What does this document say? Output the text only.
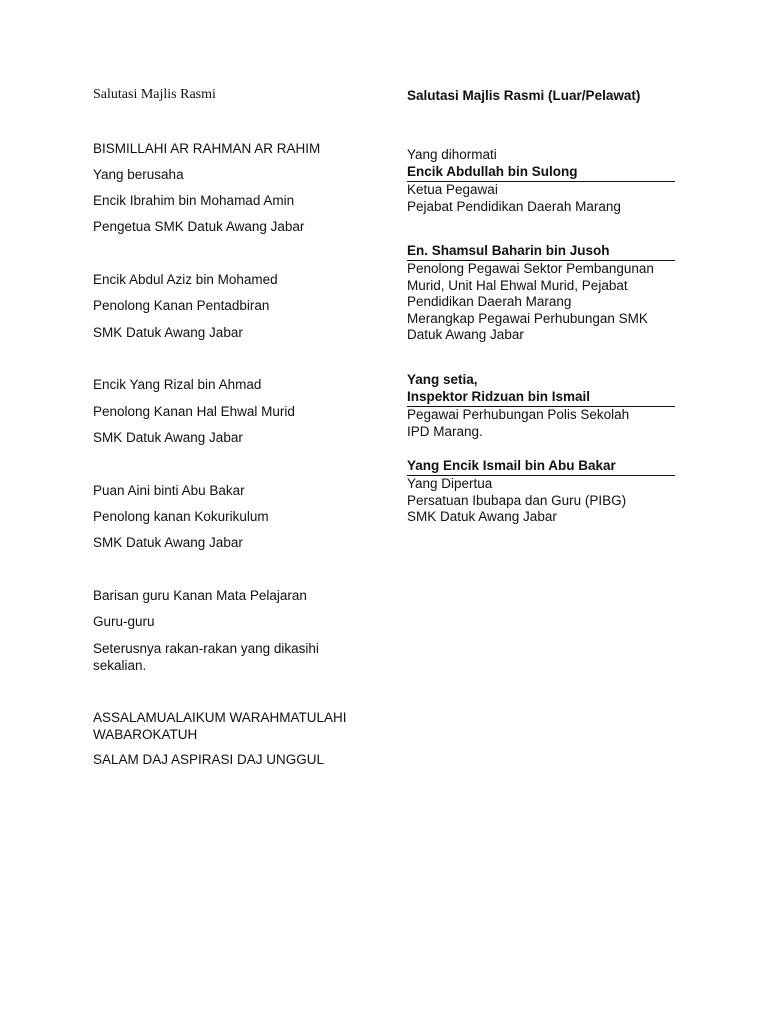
Salutasi Majlis Rasmi
BISMILLAHI AR RAHMAN AR RAHIM
Yang berusaha
Encik Ibrahim bin Mohamad Amin
Pengetua SMK Datuk Awang Jabar
Encik Abdul Aziz bin Mohamed
Penolong Kanan Pentadbiran
SMK Datuk Awang Jabar
Encik Yang Rizal bin Ahmad
Penolong Kanan Hal Ehwal Murid
SMK Datuk Awang Jabar
Puan Aini binti Abu Bakar
Penolong kanan Kokurikulum
SMK Datuk Awang Jabar
Barisan guru Kanan Mata Pelajaran
Guru-guru
Seterusnya rakan-rakan yang dikasihi sekalian.
ASSALAMUALAIKUM WARAHMATULAHI WABAROKATUH
SALAM DAJ ASPIRASI DAJ UNGGUL
Salutasi Majlis Rasmi (Luar/Pelawat)
Yang dihormati
Encik Abdullah bin Sulong
Ketua Pegawai
Pejabat Pendidikan Daerah Marang
En. Shamsul Baharin bin Jusoh
Penolong Pegawai Sektor Pembangunan
Murid, Unit Hal Ehwal Murid, Pejabat
Pendidikan Daerah Marang
Merangkap Pegawai Perhubungan SMK
Datuk Awang Jabar
Yang setia,
Inspektor Ridzuan bin Ismail
Pegawai Perhubungan Polis Sekolah
IPD Marang.
Yang Encik Ismail bin Abu Bakar
Yang Dipertua
Persatuan Ibubapa dan Guru (PIBG)
SMK Datuk Awang Jabar
